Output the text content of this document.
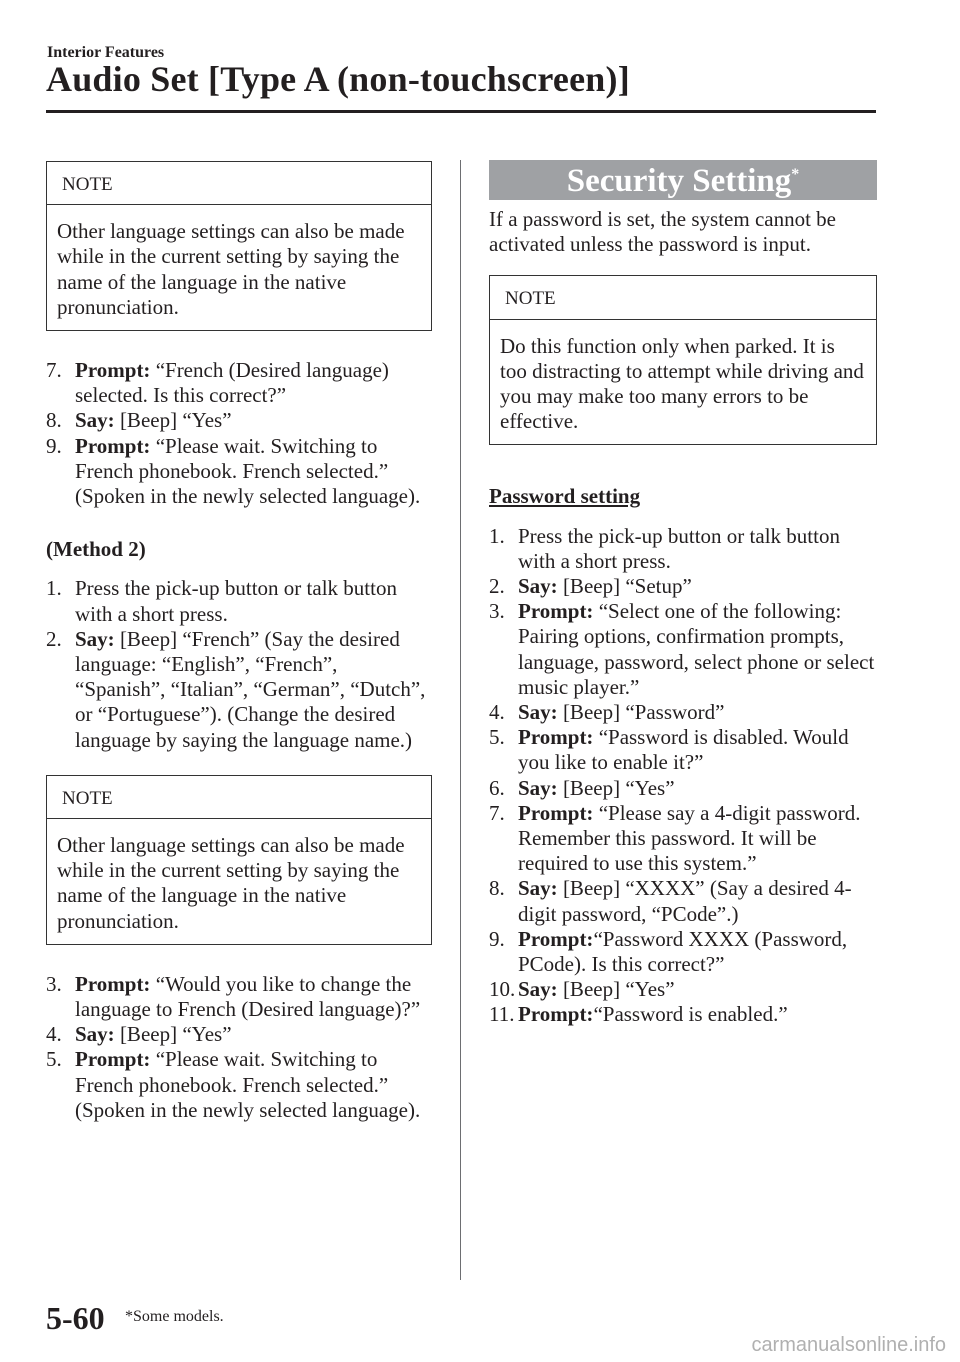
Interior Features
Audio Set [Type A (non-touchscreen)]
NOTE
Other language settings can also be made while in the current setting by saying the name of the language in the native pronunciation.
7. Prompt: “French (Desired language) selected. Is this correct?”
8. Say: [Beep] “Yes”
9. Prompt: “Please wait. Switching to French phonebook. French selected.” (Spoken in the newly selected language).
(Method 2)
1. Press the pick-up button or talk button with a short press.
2. Say: [Beep] “French” (Say the desired language: “English”, “French”, “Spanish”, “Italian”, “German”, “Dutch”, or “Portuguese”). (Change the desired language by saying the language name.)
NOTE
Other language settings can also be made while in the current setting by saying the name of the language in the native pronunciation.
3. Prompt: “Would you like to change the language to French (Desired language)?”
4. Say: [Beep] “Yes”
5. Prompt: “Please wait. Switching to French phonebook. French selected.” (Spoken in the newly selected language).
Security Setting*
If a password is set, the system cannot be activated unless the password is input.
NOTE
Do this function only when parked. It is too distracting to attempt while driving and you may make too many errors to be effective.
Password setting
1. Press the pick-up button or talk button with a short press.
2. Say: [Beep] “Setup”
3. Prompt: “Select one of the following: Pairing options, confirmation prompts, language, password, select phone or select music player.”
4. Say: [Beep] “Password”
5. Prompt: “Password is disabled. Would you like to enable it?”
6. Say: [Beep] “Yes”
7. Prompt: “Please say a 4-digit password. Remember this password. It will be required to use this system.”
8. Say: [Beep] “XXXX” (Say a desired 4-digit password, “PCode”.)
9. Prompt:“Password XXXX (Password, PCode). Is this correct?”
10. Say: [Beep] “Yes”
11. Prompt:“Password is enabled.”
5-60 *Some models.
carmanualsonline.info
